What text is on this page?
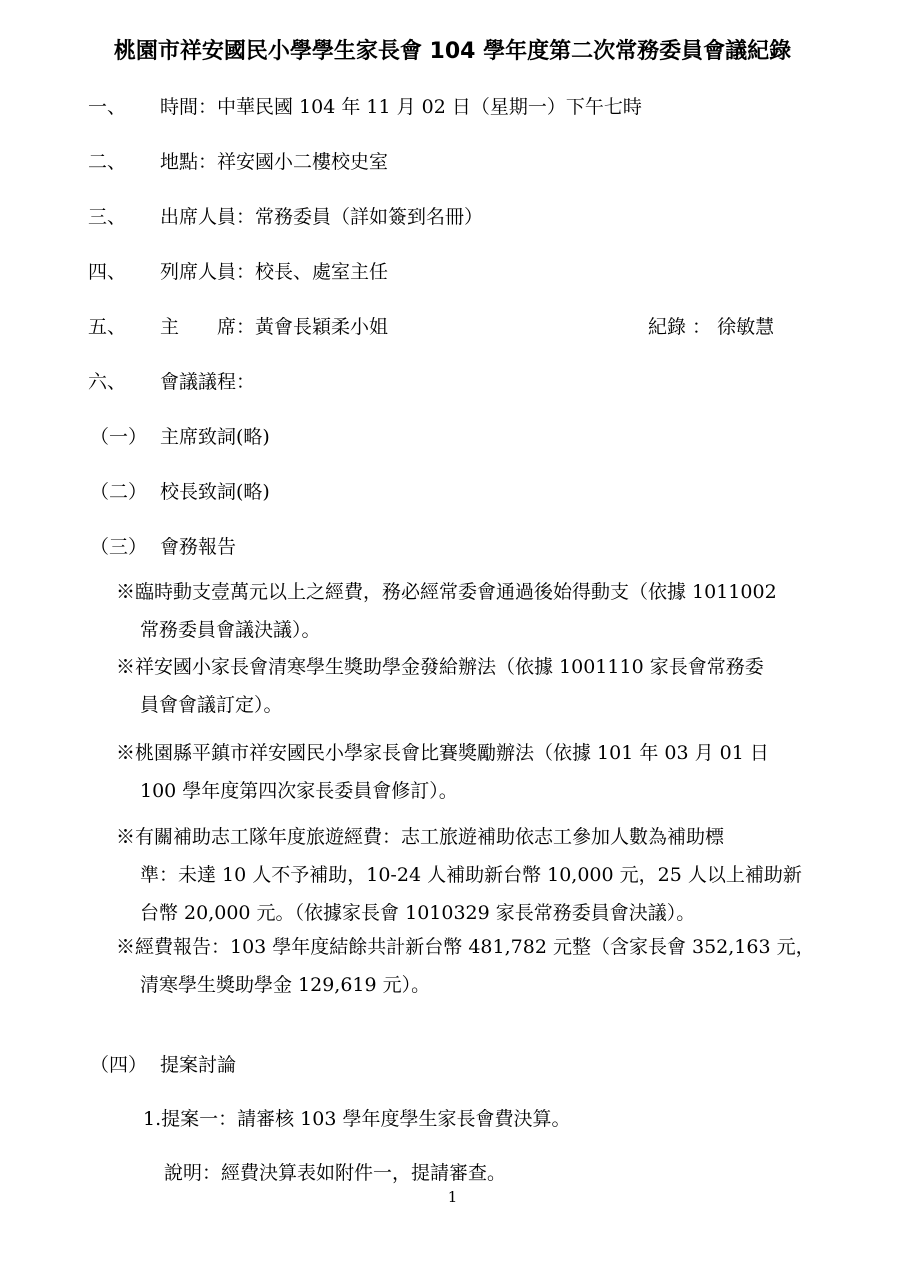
桃園市祥安國民小學學生家長會 104 學年度第二次常務委員會議紀錄
一、 時間：中華民國 104 年 11 月 02 日（星期一）下午七時
二、 地點：祥安國小二樓校史室
三、 出席人員：常務委員（詳如簽到名冊）
四、 列席人員：校長、處室主任
五、 主　　席：黃會長穎柔小姐	紀錄 ： 徐敏慧
六、 會議議程：
（一） 主席致詞(略)
（二） 校長致詞(略)
（三） 會務報告
※臨時動支壹萬元以上之經費，務必經常委會通過後始得動支（依據 1011002
常務委員會議決議）。
※祥安國小家長會清寒學生獎助學金發給辦法（依據 1001110 家長會常務委
員會會議訂定）。
※桃園縣平鎮市祥安國民小學家長會比賽獎勵辦法（依據 101 年 03 月 01 日
100 學年度第四次家長委員會修訂）。
※有關補助志工隊年度旅遊經費：志工旅遊補助依志工參加人數為補助標
準：未達 10 人不予補助，10-24 人補助新台幣 10,000 元，25 人以上補助新
台幣 20,000 元。（依據家長會 1010329 家長常務委員會決議）。
※經費報告：103 學年度結餘共計新台幣 481,782 元整（含家長會 352,163 元，
清寒學生獎助學金 129,619 元）。
（四） 提案討論
1.提案一：請審核 103 學年度學生家長會費決算。
說明：經費決算表如附件一，提請審查。
1
